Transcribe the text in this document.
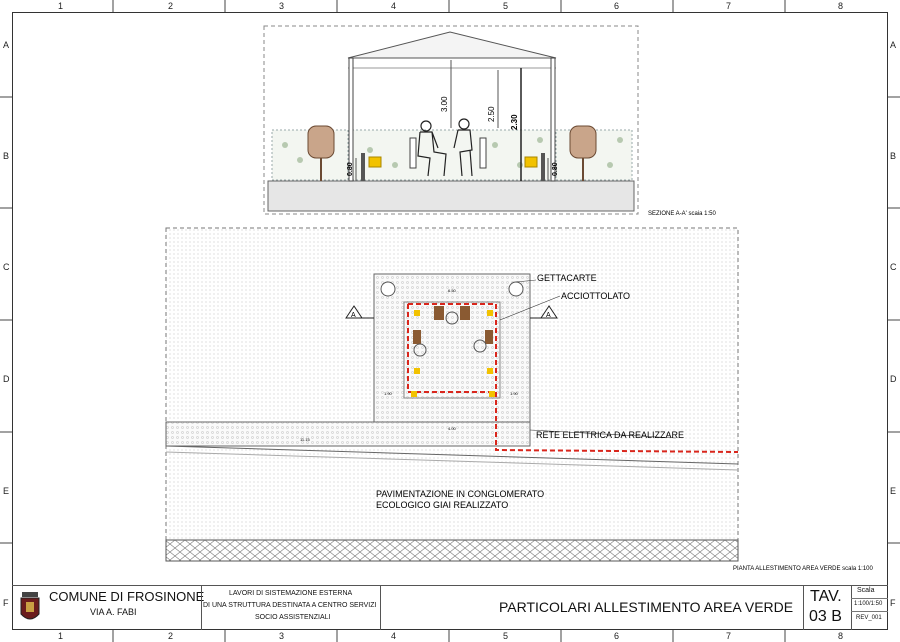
1	2	3	4	5	6	7	8
1	2	3	4	5	6	7	8
A
B
C
D
E
F
A
B
C
D
E
F
3.00
2.50
2.30
0.80	0.80
SEZIONE A-A' scaia 1:50
A	A
6.50
4.00
11.15
1.90	1.90
GETTACARTE
ACCIOTTOLATO
RETE ELETTRICA DA REALIZZARE
PAVIMENTAZIONE IN CONGLOMERATO
ECOLOGICO GIAI REALIZZATO
PIANTA ALLESTIMENTO AREA VERDE scala 1:100
COMUNE DI FROSINONE
VIA A. FABI
LAVORI DI SISTEMAZIONE ESTERNA
DI UNA STRUTTURA DESTINATA A CENTRO SERVIZI
SOCIO ASSISTENZIALI
PARTICOLARI ALLESTIMENTO AREA VERDE
TAV.
03 B
Scala
1:100/1:50
REV_001
